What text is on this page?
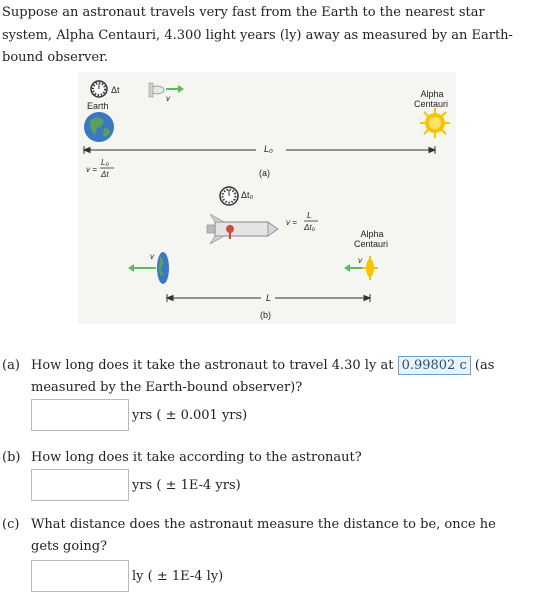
Suppose an astronaut travels very fast from the Earth to the nearest star system, Alpha Centauri, 4.300 light years (ly) away as measured by an Earth-bound observer.
Δt
Earth
v	Alpha
Centauri
L₀
v =
L₀
Δt	(a)
Δt₀
v =
L
Δt₀
Alpha
Centauri
v	v
L
(b)
(a) How long does it take the astronaut to travel 4.30 ly at 0.99802 c (as measured by the Earth-bound observer)?
yrs ( ± 0.001 yrs)
(b) How long does it take according to the astronaut?
yrs ( ± 1E-4 yrs)
(c) What distance does the astronaut measure the distance to be, once he gets going?
ly ( ± 1E-4 ly)
